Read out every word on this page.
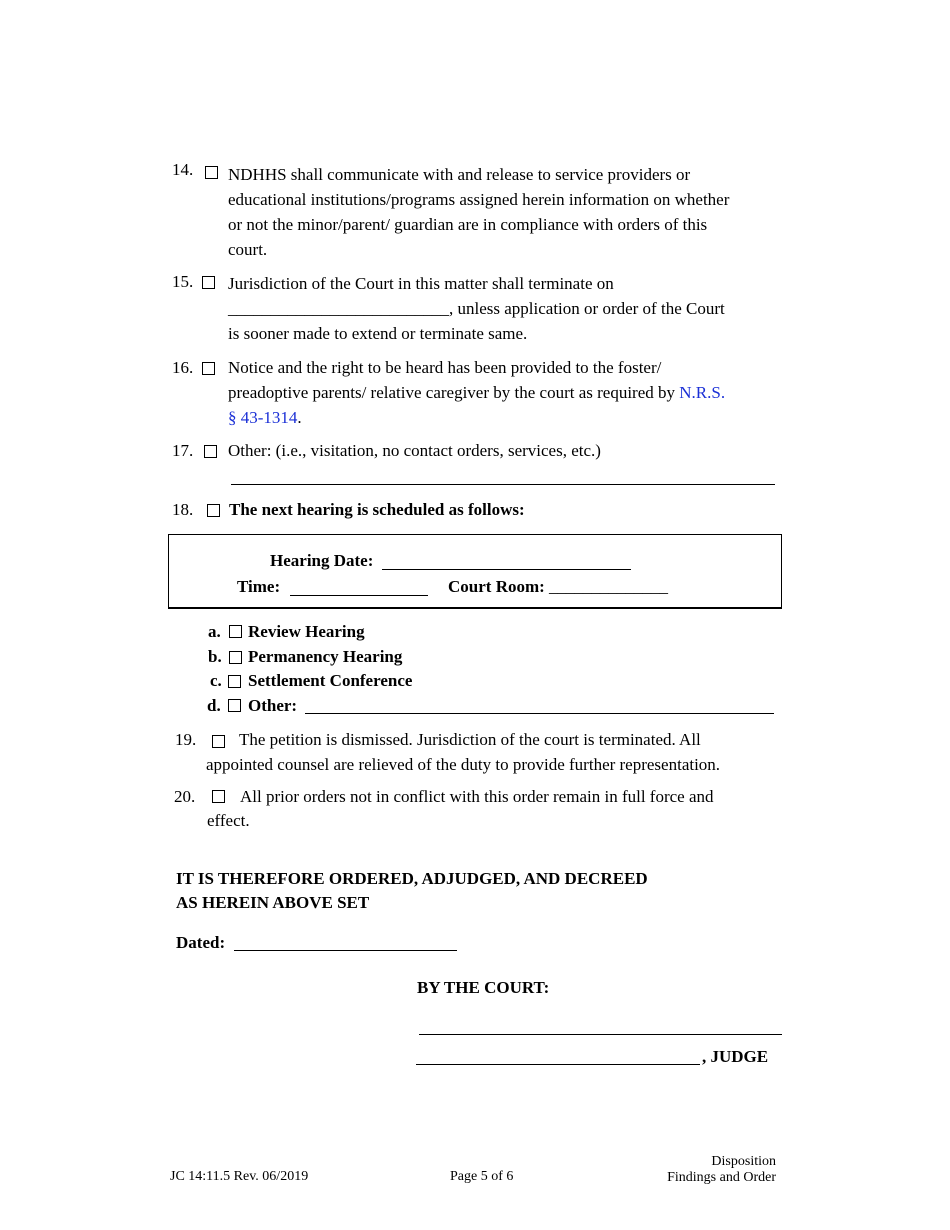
14. NDHHS shall communicate with and release to service providers or
educational institutions/programs assigned herein information on whether
or not the minor/parent/ guardian are in compliance with orders of this
court.
15. Jurisdiction of the Court in this matter shall terminate on
__________________________, unless application or order of the Court
is sooner made to extend or terminate same.
16. Notice and the right to be heard has been provided to the foster/
preadoptive parents/ relative caregiver by the court as required by N.R.S.
§ 43-1314.
17. Other: (i.e., visitation, no contact orders, services, etc.)
18. The next hearing is scheduled as follows:
Hearing Date:
Time:	Court Room: ______________
a. Review Hearing
b. Permanency Hearing
c. Settlement Conference
d. Other:
19.	The petition is dismissed. Jurisdiction of the court is terminated. All
appointed counsel are relieved of the duty to provide further representation.
20.	All prior orders not in conflict with this order remain in full force and
effect.
IT IS THEREFORE ORDERED, ADJUDGED, AND DECREED
AS HEREIN ABOVE SET
Dated:
BY THE COURT:
, JUDGE
JC 14:11.5 Rev. 06/2019	Page 5 of 6
Disposition
Findings and Order
